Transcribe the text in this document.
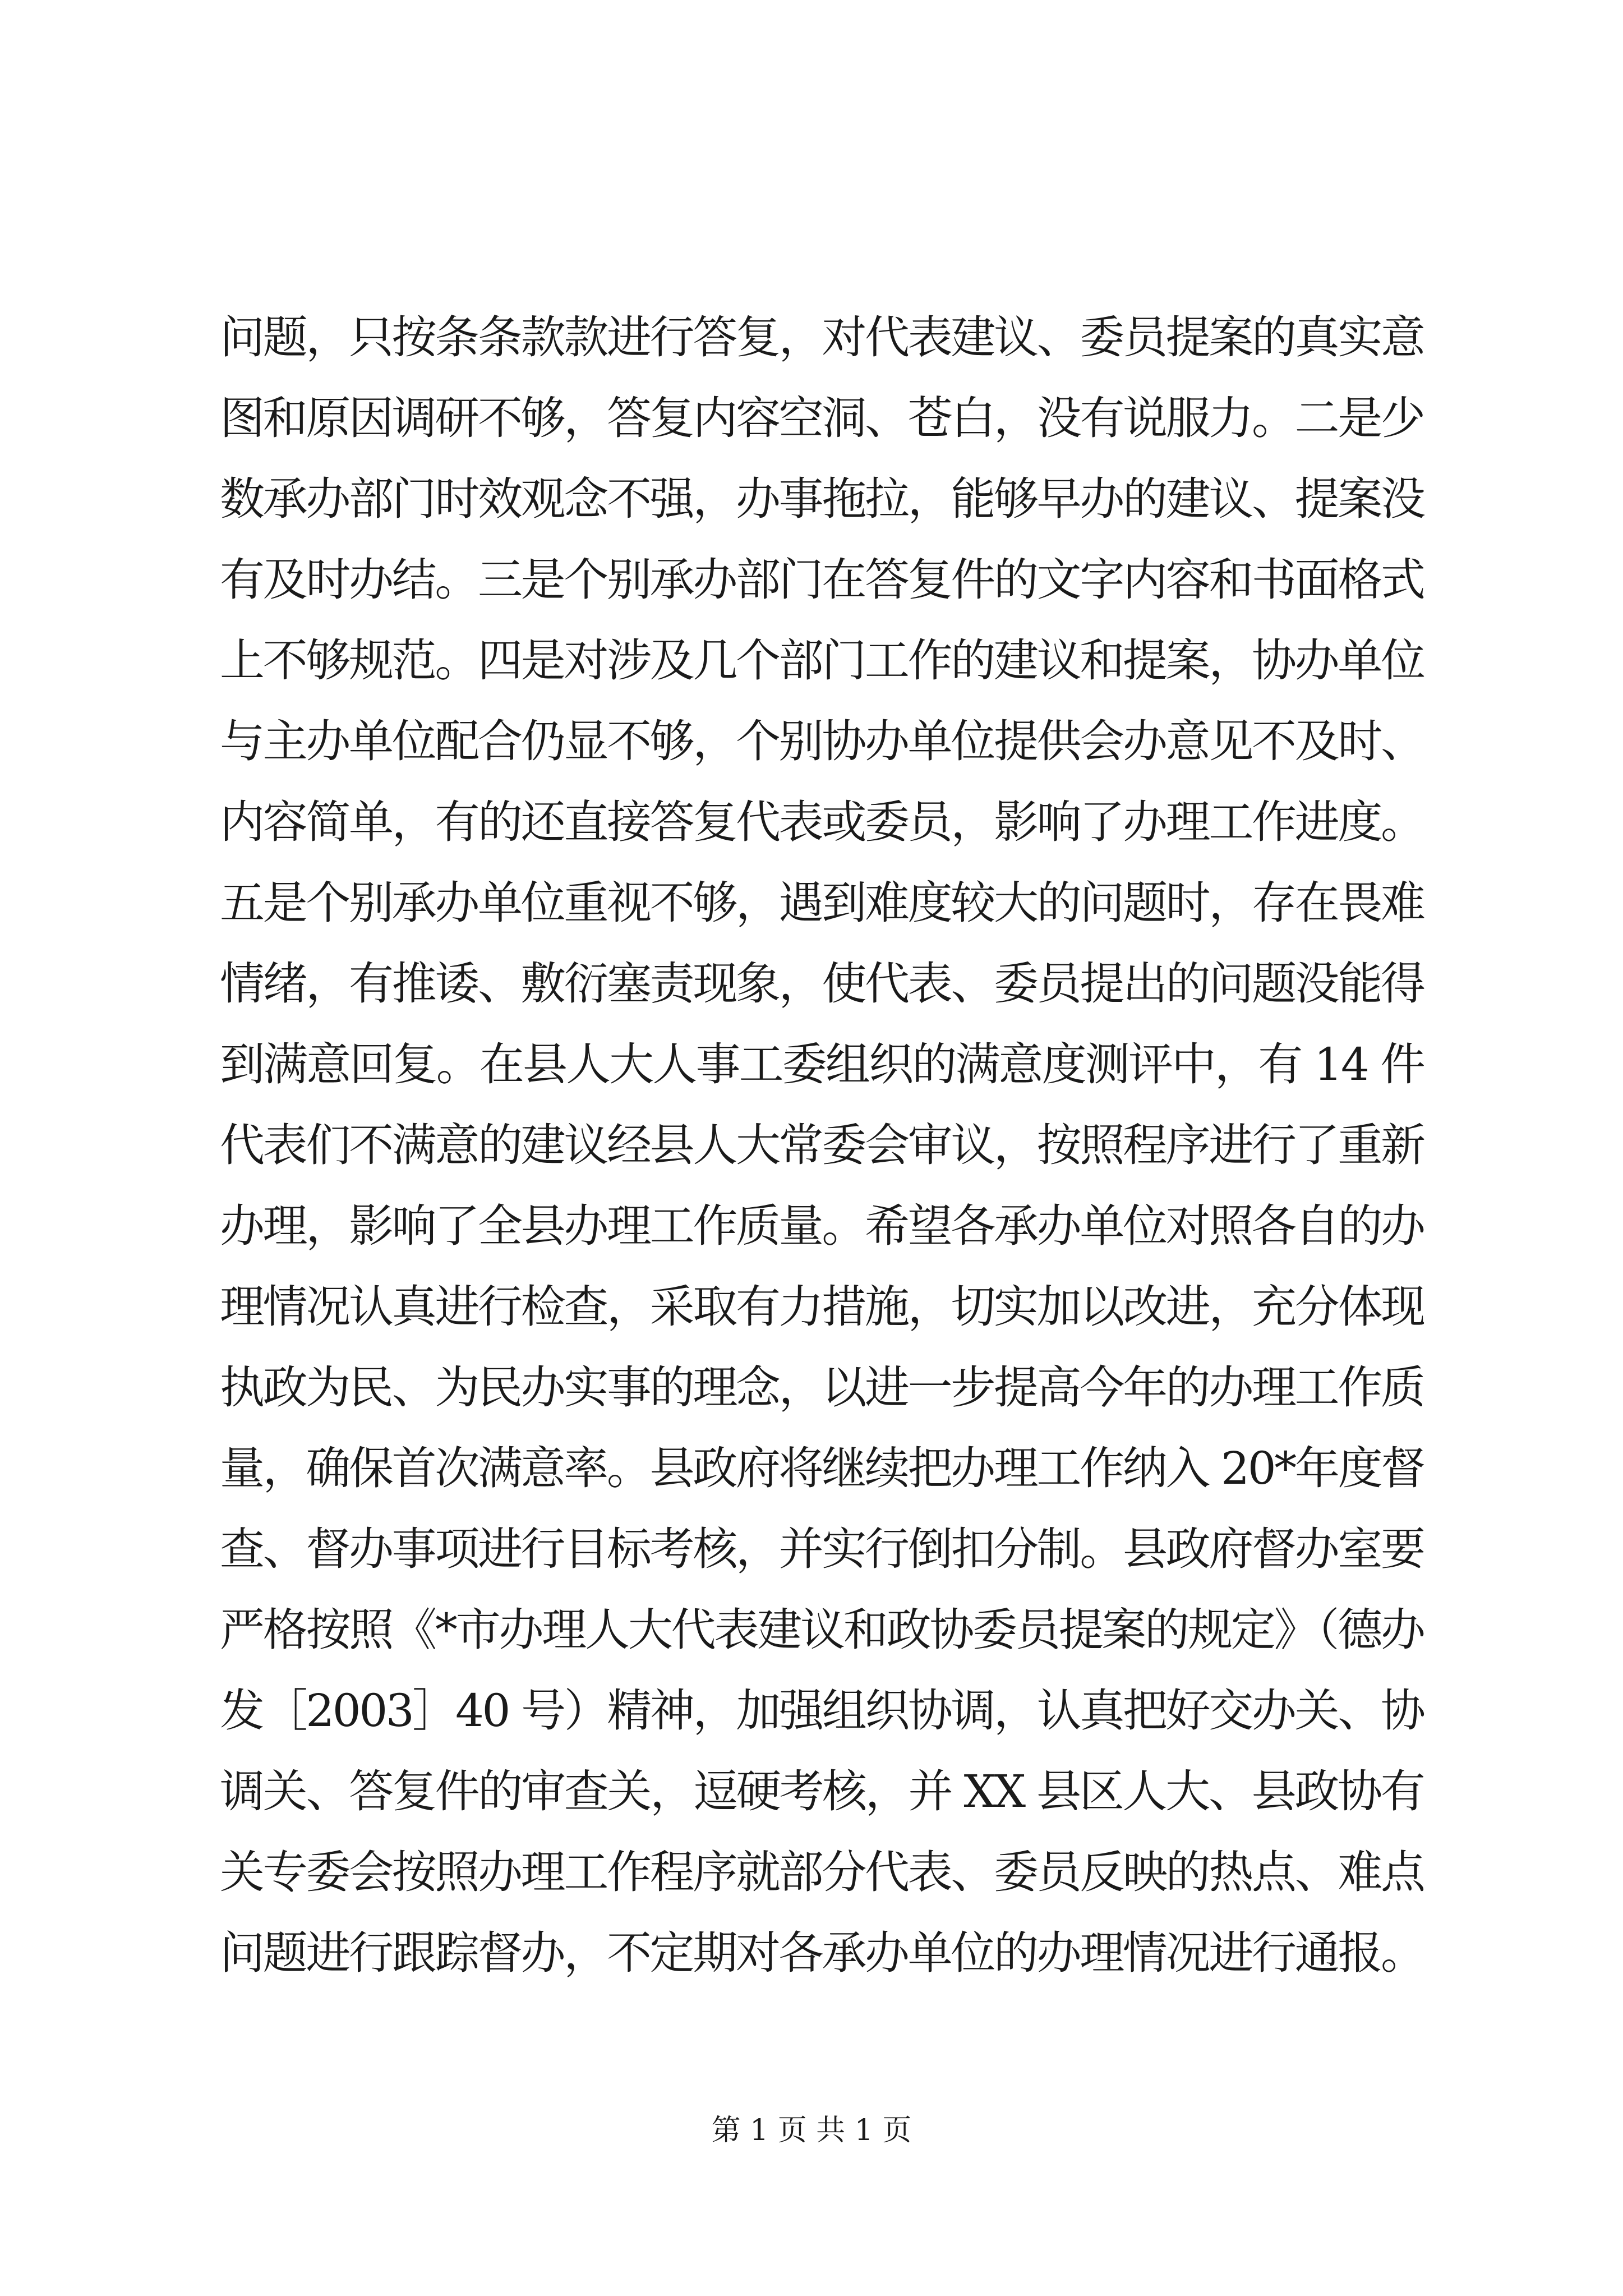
问题，只按条条款款进行答复，对代表建议、委员提案的真实意
图和原因调研不够，答复内容空洞、苍白，没有说服力。二是少
数承办部门时效观念不强，办事拖拉，能够早办的建议、提案没
有及时办结。三是个别承办部门在答复件的文字内容和书面格式
上不够规范。四是对涉及几个部门工作的建议和提案，协办单位
与主办单位配合仍显不够，个别协办单位提供会办意见不及时、
内容简单，有的还直接答复代表或委员，影响了办理工作进度。
五是个别承办单位重视不够，遇到难度较大的问题时，存在畏难
情绪，有推诿、敷衍塞责现象，使代表、委员提出的问题没能得
到满意回复。在县人大人事工委组织的满意度测评中，有 14 件
代表们不满意的建议经县人大常委会审议，按照程序进行了重新
办理，影响了全县办理工作质量。希望各承办单位对照各自的办
理情况认真进行检查，采取有力措施，切实加以改进，充分体现
执政为民、为民办实事的理念，以进一步提高今年的办理工作质
量，确保首次满意率。县政府将继续把办理工作纳入 20*年度督
查、督办事项进行目标考核，并实行倒扣分制。县政府督办室要
严格按照《*市办理人大代表建议和政协委员提案的规定》（德办
发［2003］40 号）精神，加强组织协调，认真把好交办关、协
调关、答复件的审查关，逗硬考核，并 XX 县区人大、县政协有
关专委会按照办理工作程序就部分代表、委员反映的热点、难点
问题进行跟踪督办，不定期对各承办单位的办理情况进行通报。
第 1 页 共 1 页
